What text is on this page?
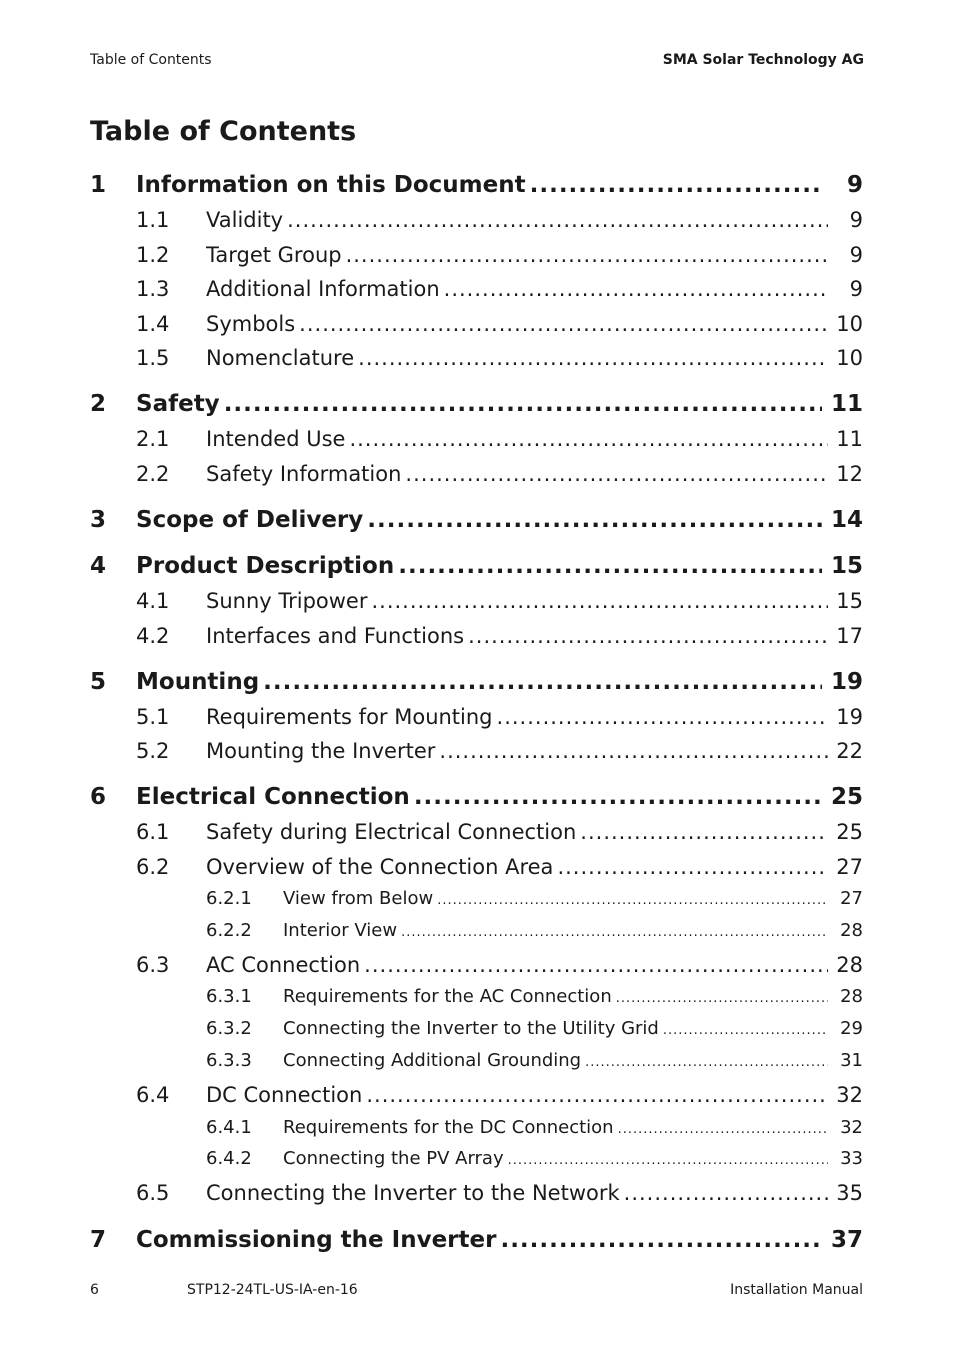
Table of Contents	SMA Solar Technology AG
Table of Contents
1 Information on this Document .....	9
1.1 Validity .....	9
1.2 Target Group .....	9
1.3 Additional Information .....	9
1.4 Symbols .....	10
1.5 Nomenclature .....	10
2 Safety .....	11
2.1 Intended Use .....	11
2.2 Safety Information .....	12
3 Scope of Delivery .....	14
4 Product Description .....	15
4.1 Sunny Tripower .....	15
4.2 Interfaces and Functions .....	17
5 Mounting .....	19
5.1 Requirements for Mounting .....	19
5.2 Mounting the Inverter .....	22
6 Electrical Connection .....	25
6.1 Safety during Electrical Connection .....	25
6.2 Overview of the Connection Area .....	27
6.2.1 View from Below .....	27
6.2.2 Interior View .....	28
6.3 AC Connection .....	28
6.3.1 Requirements for the AC Connection .....	28
6.3.2 Connecting the Inverter to the Utility Grid .....	29
6.3.3 Connecting Additional Grounding .....	31
6.4 DC Connection .....	32
6.4.1 Requirements for the DC Connection .....	32
6.4.2 Connecting the PV Array .....	33
6.5 Connecting the Inverter to the Network .....	35
7 Commissioning the Inverter .....	37
6	STP12-24TL-US-IA-en-16	Installation Manual
